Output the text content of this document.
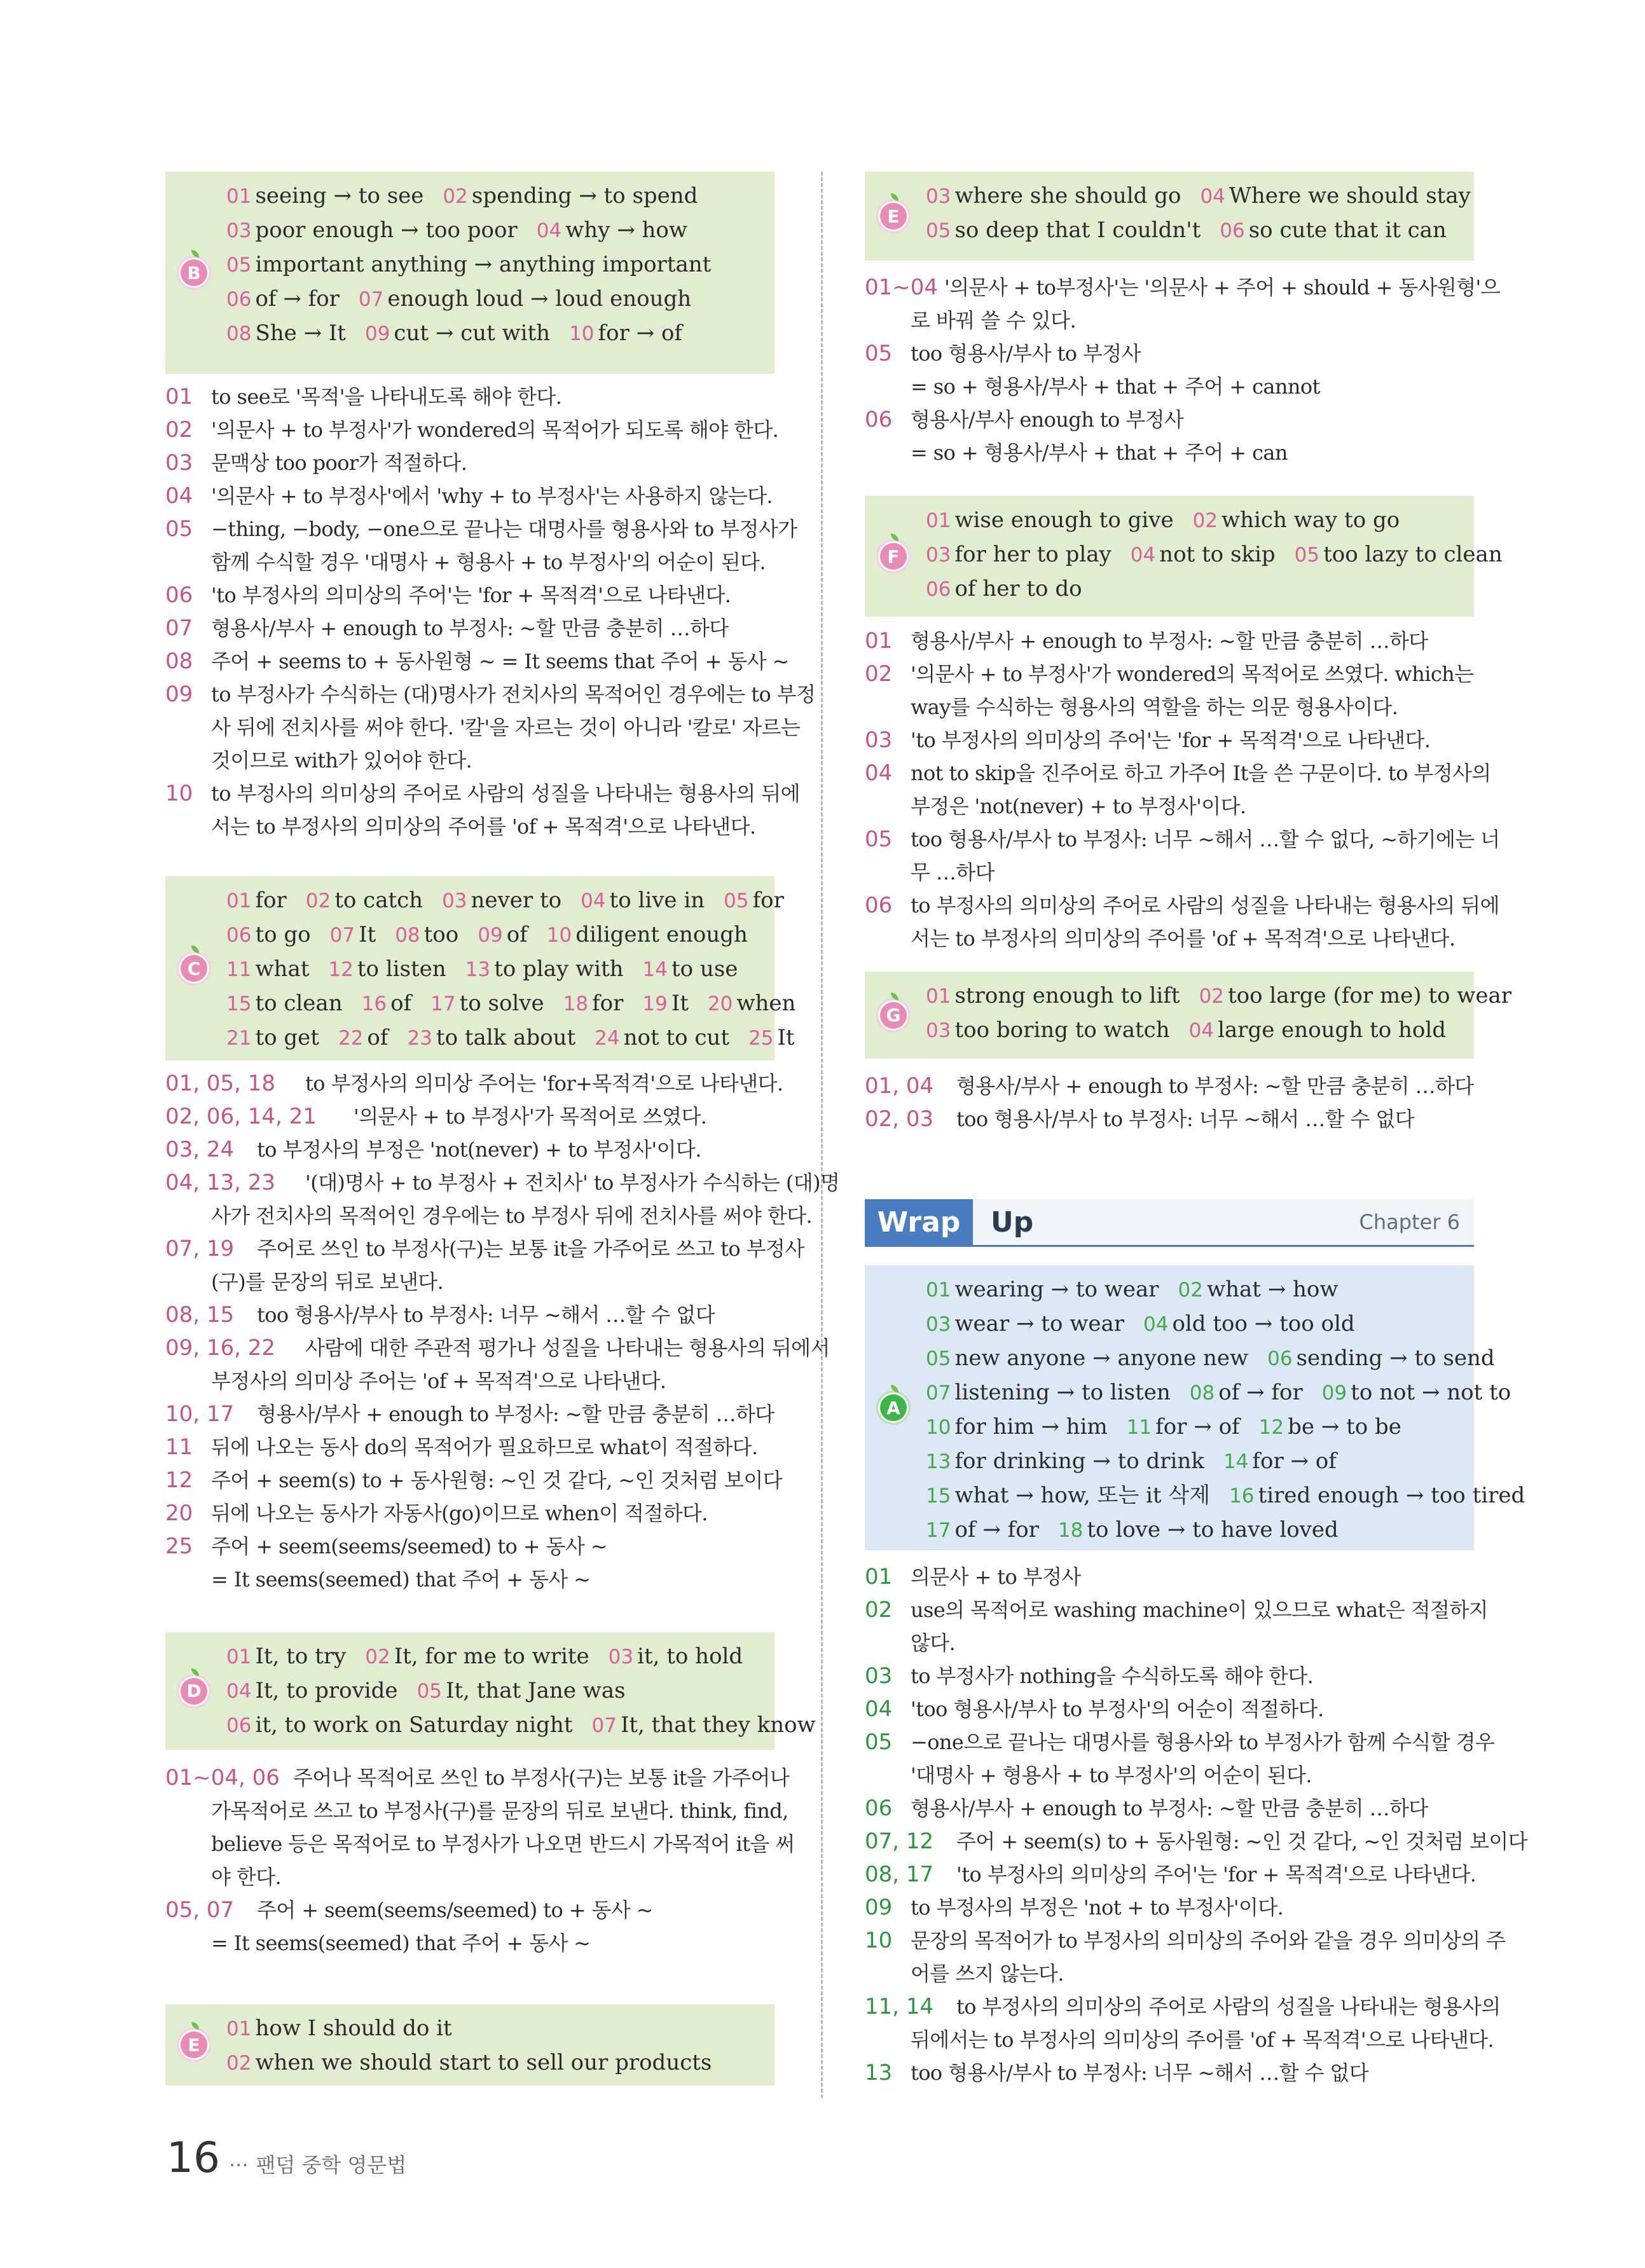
B
01 seeing → to see 02 spending → to spend
03 poor enough → too poor 04 why → how
05 important anything → anything important
06 of → for 07 enough loud → loud enough
08 She → It 09 cut → cut with 10 for → of
01 to see로 '목적'을 나타내도록 해야 한다.
02 '의문사 + to 부정사'가 wondered의 목적어가 되도록 해야 한다.
03 문맥상 too poor가 적절하다.
04 '의문사 + to 부정사'에서 'why + to 부정사'는 사용하지 않는다.
05 −thing, −body, −one으로 끝나는 대명사를 형용사와 to 부정사가
함께 수식할 경우 '대명사 + 형용사 + to 부정사'의 어순이 된다.
06 'to 부정사의 의미상의 주어'는 'for + 목적격'으로 나타낸다.
07 형용사/부사 + enough to 부정사: ~할 만큼 충분히 …하다
08 주어 + seems to + 동사원형 ~ = It seems that 주어 + 동사 ~
09 to 부정사가 수식하는 (대)명사가 전치사의 목적어인 경우에는 to 부정
사 뒤에 전치사를 써야 한다. '칼'을 자르는 것이 아니라 '칼로' 자르는
것이므로 with가 있어야 한다.
10 to 부정사의 의미상의 주어로 사람의 성질을 나타내는 형용사의 뒤에
서는 to 부정사의 의미상의 주어를 'of + 목적격'으로 나타낸다.
C
01 for 02 to catch 03 never to 04 to live in 05 for
06 to go 07 It 08 too 09 of 10 diligent enough
11 what 12 to listen 13 to play with 14 to use
15 to clean 16 of 17 to solve 18 for 19 It 20 when
21 to get 22 of 23 to talk about 24 not to cut 25 It
01, 05, 18	to 부정사의 의미상 주어는 'for+목적격'으로 나타낸다.
02, 06, 14, 21	'의문사 + to 부정사'가 목적어로 쓰였다.
03, 24	to 부정사의 부정은 'not(never) + to 부정사'이다.
04, 13, 23	'(대)명사 + to 부정사 + 전치사' to 부정사가 수식하는 (대)명
사가 전치사의 목적어인 경우에는 to 부정사 뒤에 전치사를 써야 한다.
07, 19	주어로 쓰인 to 부정사(구)는 보통 it을 가주어로 쓰고 to 부정사
(구)를 문장의 뒤로 보낸다.
08, 15	too 형용사/부사 to 부정사: 너무 ~해서 …할 수 없다
09, 16, 22	사람에 대한 주관적 평가나 성질을 나타내는 형용사의 뒤에서
부정사의 의미상 주어는 'of + 목적격'으로 나타낸다.
10, 17	형용사/부사 + enough to 부정사: ~할 만큼 충분히 …하다
11 뒤에 나오는 동사 do의 목적어가 필요하므로 what이 적절하다.
12 주어 + seem(s) to + 동사원형: ~인 것 같다, ~인 것처럼 보이다
20 뒤에 나오는 동사가 자동사(go)이므로 when이 적절하다.
25 주어 + seem(seems/seemed) to + 동사 ~
= It seems(seemed) that 주어 + 동사 ~
D
01 It, to try 02 It, for me to write 03 it, to hold
04 It, to provide 05 It, that Jane was
06 it, to work on Saturday night 07 It, that they know
01~04, 06 주어나 목적어로 쓰인 to 부정사(구)는 보통 it을 가주어나
가목적어로 쓰고 to 부정사(구)를 문장의 뒤로 보낸다. think, find,
believe 등은 목적어로 to 부정사가 나오면 반드시 가목적어 it을 써
야 한다.
05, 07	주어 + seem(seems/seemed) to + 동사 ~
= It seems(seemed) that 주어 + 동사 ~
E
01 how I should do it
02 when we should start to sell our products
E
03 where she should go 04 Where we should stay
05 so deep that I couldn't 06 so cute that it can
01~04 '의문사 + to부정사'는 '의문사 + 주어 + should + 동사원형'으
로 바꿔 쓸 수 있다.
05 too 형용사/부사 to 부정사
= so + 형용사/부사 + that + 주어 + cannot
06 형용사/부사 enough to 부정사
= so + 형용사/부사 + that + 주어 + can
F
01 wise enough to give 02 which way to go
03 for her to play 04 not to skip 05 too lazy to clean
06 of her to do
01 형용사/부사 + enough to 부정사: ~할 만큼 충분히 …하다
02 '의문사 + to 부정사'가 wondered의 목적어로 쓰였다. which는
way를 수식하는 형용사의 역할을 하는 의문 형용사이다.
03 'to 부정사의 의미상의 주어'는 'for + 목적격'으로 나타낸다.
04 not to skip을 진주어로 하고 가주어 It을 쓴 구문이다. to 부정사의
부정은 'not(never) + to 부정사'이다.
05 too 형용사/부사 to 부정사: 너무 ~해서 …할 수 없다, ~하기에는 너
무 …하다
06 to 부정사의 의미상의 주어로 사람의 성질을 나타내는 형용사의 뒤에
서는 to 부정사의 의미상의 주어를 'of + 목적격'으로 나타낸다.
G
01 strong enough to lift 02 too large (for me) to wear
03 too boring to watch 04 large enough to hold
01, 04	형용사/부사 + enough to 부정사: ~할 만큼 충분히 …하다
02, 03	too 형용사/부사 to 부정사: 너무 ~해서 …할 수 없다
Wrap	Up	Chapter 6
A
01 wearing → to wear 02 what → how
03 wear → to wear 04 old too → too old
05 new anyone → anyone new 06 sending → to send
07 listening → to listen 08 of → for 09 to not → not to
10 for him → him 11 for → of 12 be → to be
13 for drinking → to drink 14 for → of
15 what → how, 또는 it 삭제 16 tired enough → too tired
17 of → for 18 to love → to have loved
01 의문사 + to 부정사
02 use의 목적어로 washing machine이 있으므로 what은 적절하지
않다.
03 to 부정사가 nothing을 수식하도록 해야 한다.
04 'too 형용사/부사 to 부정사'의 어순이 적절하다.
05 −one으로 끝나는 대명사를 형용사와 to 부정사가 함께 수식할 경우
'대명사 + 형용사 + to 부정사'의 어순이 된다.
06 형용사/부사 + enough to 부정사: ~할 만큼 충분히 …하다
07, 12	주어 + seem(s) to + 동사원형: ~인 것 같다, ~인 것처럼 보이다
08, 17	'to 부정사의 의미상의 주어'는 'for + 목적격'으로 나타낸다.
09 to 부정사의 부정은 'not + to 부정사'이다.
10 문장의 목적어가 to 부정사의 의미상의 주어와 같을 경우 의미상의 주
어를 쓰지 않는다.
11, 14	to 부정사의 의미상의 주어로 사람의 성질을 나타내는 형용사의
뒤에서는 to 부정사의 의미상의 주어를 'of + 목적격'으로 나타낸다.
13 too 형용사/부사 to 부정사: 너무 ~해서 …할 수 없다
16 ··· 팬덤 중학 영문법
